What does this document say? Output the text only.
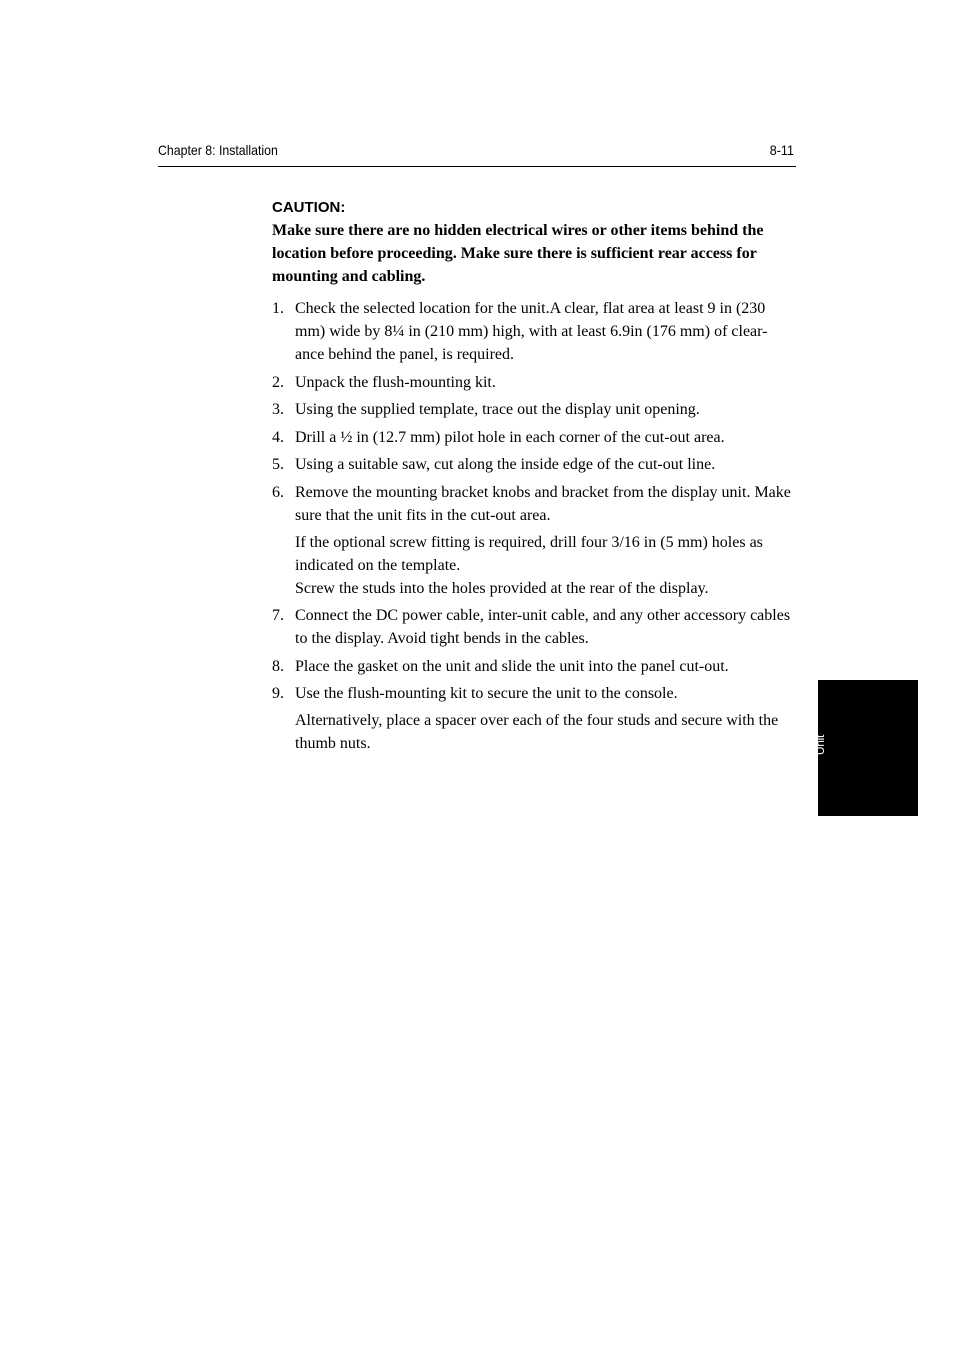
Chapter 8: Installation	8-11
CAUTION:
Make sure there are no hidden electrical wires or other items behind the location before proceeding. Make sure there is sufficient rear access for mounting and cabling.
1. Check the selected location for the unit.A clear, flat area at least 9 in (230 mm) wide by 8¼ in (210 mm) high, with at least 6.9in (176 mm) of clear-ance behind the panel, is required.
2. Unpack the flush-mounting kit.
3. Using the supplied template, trace out the display unit opening.
4. Drill a ½ in (12.7 mm) pilot hole in each corner of the cut-out area.
5. Using a suitable saw, cut along the inside edge of the cut-out line.
6. Remove the mounting bracket knobs and bracket from the display unit. Make sure that the unit fits in the cut-out area.
If the optional screw fitting is required, drill four 3/16 in (5 mm) holes as indicated on the template.
Screw the studs into the holes provided at the rear of the display.
7. Connect the DC power cable, inter-unit cable, and any other accessory cables to the display. Avoid tight bends in the cables.
8. Place the gasket on the unit and slide the unit into the panel cut-out.
9. Use the flush-mounting kit to secure the unit to the console.
Alternatively, place a spacer over each of the four studs and secure with the thumb nuts.	Mounting the Display Unit
